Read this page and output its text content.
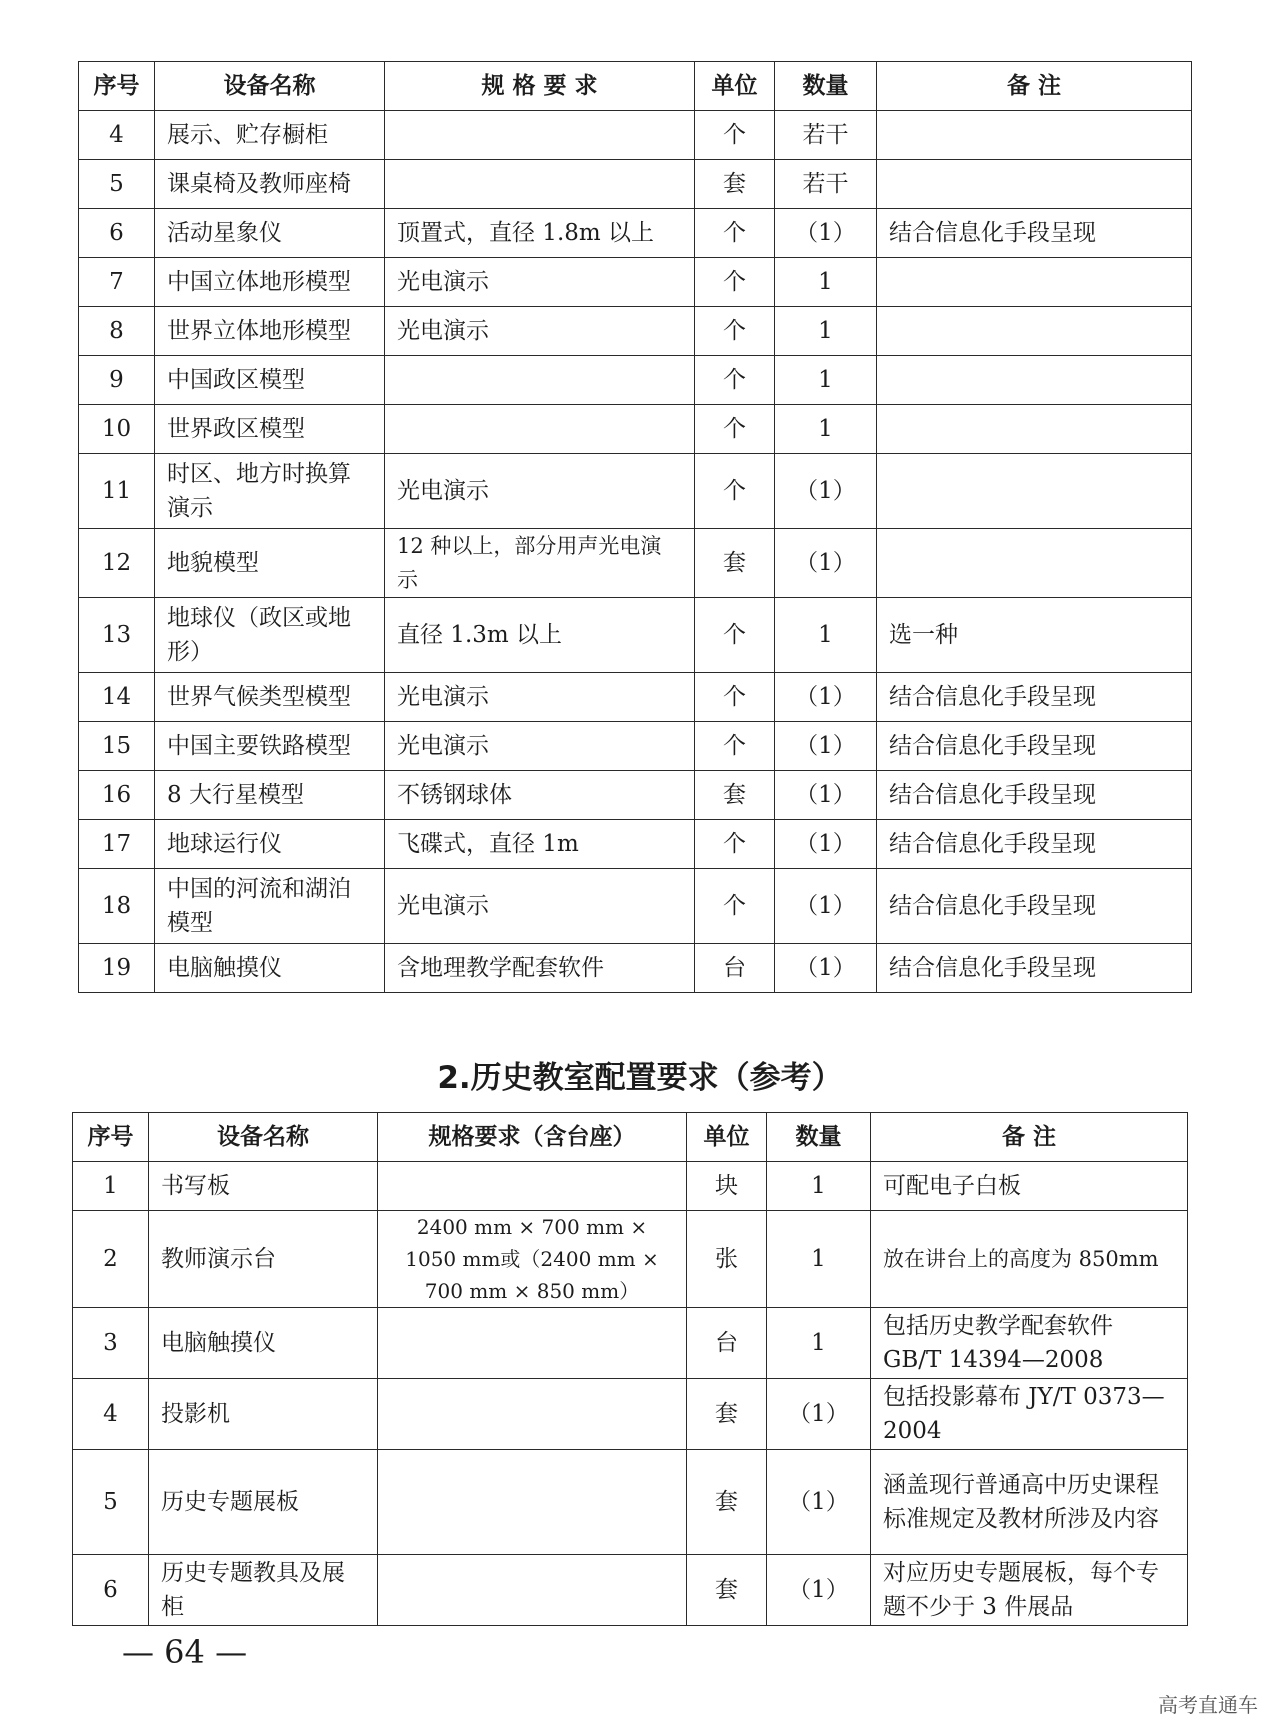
序号	设备名称	规 格 要 求	单位	数量	备 注
4	展示、贮存橱柜		个	若干	
5	课桌椅及教师座椅		套	若干	
6	活动星象仪	顶置式，直径 1.8m 以上	个	（1）	结合信息化手段呈现
7	中国立体地形模型	光电演示	个	1	
8	世界立体地形模型	光电演示	个	1	
9	中国政区模型		个	1	
10	世界政区模型		个	1	
11	时区、地方时换算演示	光电演示	个	（1）	
12	地貌模型	12 种以上，部分用声光电演示	套	（1）	
13	地球仪（政区或地形）	直径 1.3m 以上	个	1	选一种
14	世界气候类型模型	光电演示	个	（1）	结合信息化手段呈现
15	中国主要铁路模型	光电演示	个	（1）	结合信息化手段呈现
16	8 大行星模型	不锈钢球体	套	（1）	结合信息化手段呈现
17	地球运行仪	飞碟式，直径 1m	个	（1）	结合信息化手段呈现
18	中国的河流和湖泊模型	光电演示	个	（1）	结合信息化手段呈现
19	电脑触摸仪	含地理教学配套软件	台	（1）	结合信息化手段呈现
2.历史教室配置要求（参考）
序号	设备名称	规格要求（含台座）	单位	数量	备 注
1	书写板		块	1	可配电子白板
2	教师演示台	2400 mm × 700 mm × 1050 mm或（2400 mm × 700 mm × 850 mm）	张	1	放在讲台上的高度为 850mm
3	电脑触摸仪		台	1	包括历史教学配套软件 GB/T 14394—2008
4	投影机		套	（1）	包括投影幕布 JY/T 0373—2004
5	历史专题展板		套	（1）	涵盖现行普通高中历史课程标准规定及教材所涉及内容
6	历史专题教具及展柜		套	（1）	对应历史专题展板，每个专题不少于 3 件展品
— 64 —
高考直通车
